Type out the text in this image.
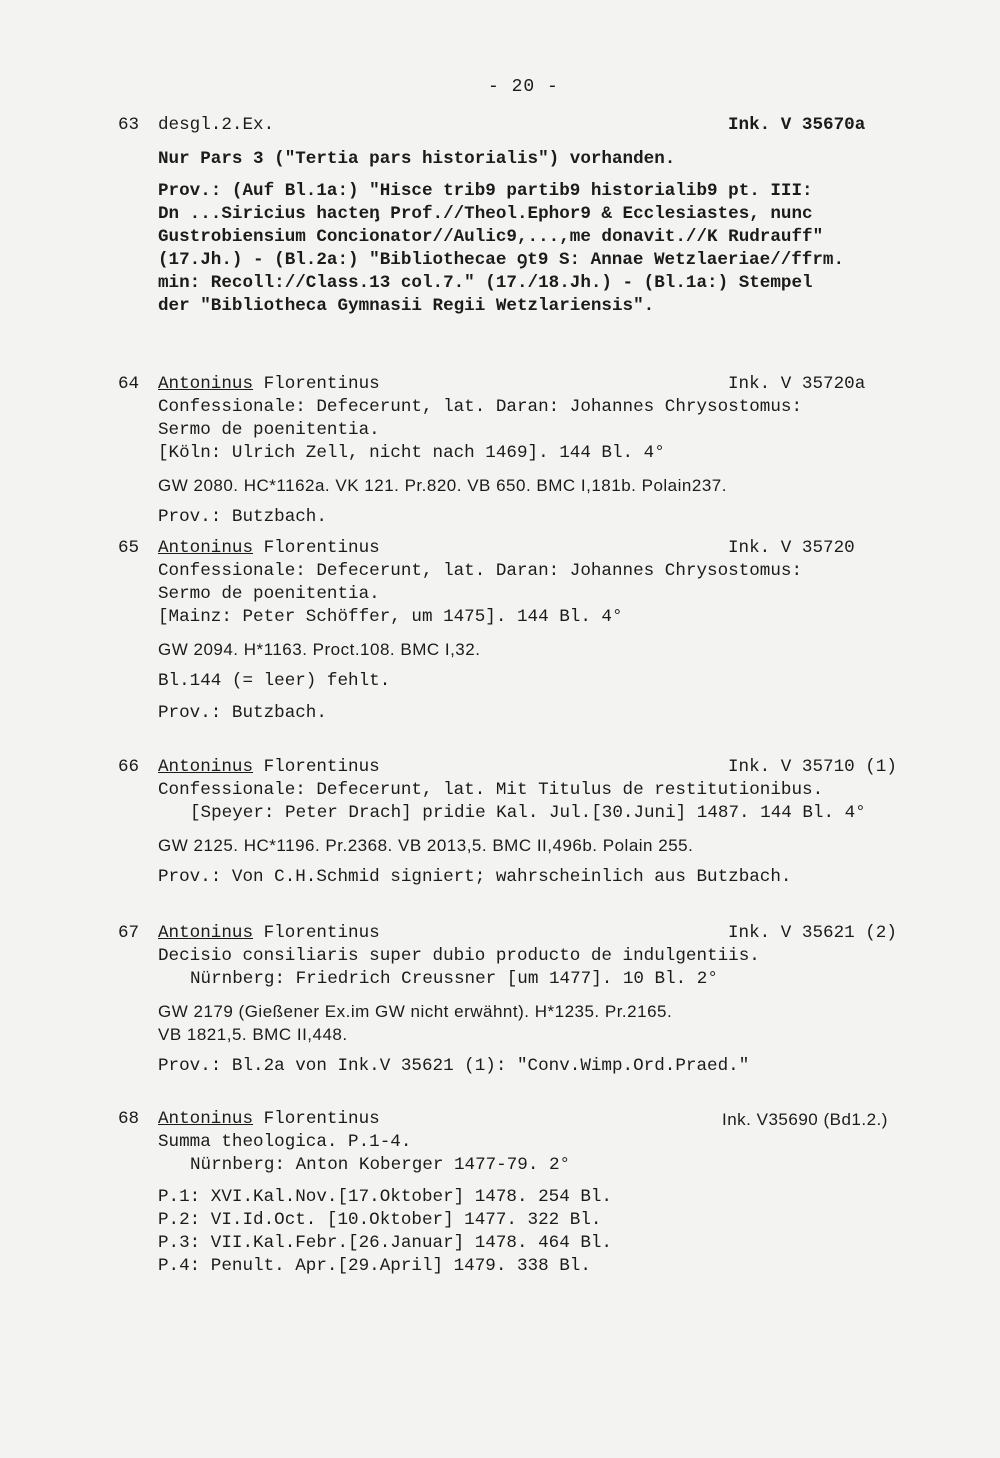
- 20 -
63 desgl.2.Ex.
Nur Pars 3 ("Tertia pars historialis") vorhanden.
Prov.: (Auf Bl.1a:) "Hisce trib9 partib9 historialib9 pt. III:
Dn ...Siricius hacteᶇ Prof.//Theol.Ephor9 & Ecclesiastes, nunc
Gustrobiensium Concionator//Aulic9,...,me donavit.//K Rudrauff"
(17.Jh.) - (Bl.2a:) "Bibliothecae ꝯt9 S: Annae Wetzlaeriae//ffrm.
min: Recoll://Class.13 col.7." (17./18.Jh.) - (Bl.1a:) Stempel
der "Bibliotheca Gymnasii Regii Wetzlariensis".
Ink. V 35670a
64 Antoninus Florentinus
Confessionale: Defecerunt, lat. Daran: Johannes Chrysostomus:
Sermo de poenitentia.
[Köln: Ulrich Zell, nicht nach 1469]. 144 Bl. 4°
GW 2080. HC*1162a. VK 121. Pr.820. VB 650. BMC I,181b. Polain237.
Prov.: Butzbach.
Ink. V 35720a
65 Antoninus Florentinus
Confessionale: Defecerunt, lat. Daran: Johannes Chrysostomus:
Sermo de poenitentia.
[Mainz: Peter Schöffer, um 1475]. 144 Bl. 4°
GW 2094. H*1163. Proct.108. BMC I,32.
Bl.144 (= leer) fehlt.
Prov.: Butzbach.
Ink. V 35720
66 Antoninus Florentinus
Confessionale: Defecerunt, lat. Mit Titulus de restitutionibus.
[Speyer: Peter Drach] pridie Kal. Jul.[30.Juni] 1487. 144 Bl. 4°
GW 2125. HC*1196. Pr.2368. VB 2013,5. BMC II,496b. Polain 255.
Prov.: Von C.H.Schmid signiert; wahrscheinlich aus Butzbach.
Ink. V 35710 (1)
67 Antoninus Florentinus
Decisio consiliaris super dubio producto de indulgentiis.
Nürnberg: Friedrich Creussner [um 1477]. 10 Bl. 2°
GW 2179 (Gießener Ex.im GW nicht erwähnt). H*1235. Pr.2165.
VB 1821,5. BMC II,448.
Prov.: Bl.2a von Ink.V 35621 (1): "Conv.Wimp.Ord.Praed."
Ink. V 35621 (2)
68 Antoninus Florentinus
Summa theologica. P.1-4.
Nürnberg: Anton Koberger 1477-79. 2°
P.1: XVI.Kal.Nov.[17.Oktober] 1478. 254 Bl.
P.2: VI.Id.Oct. [10.Oktober] 1477. 322 Bl.
P.3: VII.Kal.Febr.[26.Januar] 1478. 464 Bl.
P.4: Penult. Apr.[29.April] 1479. 338 Bl.
Ink. V35690 (Bd1.2.)
